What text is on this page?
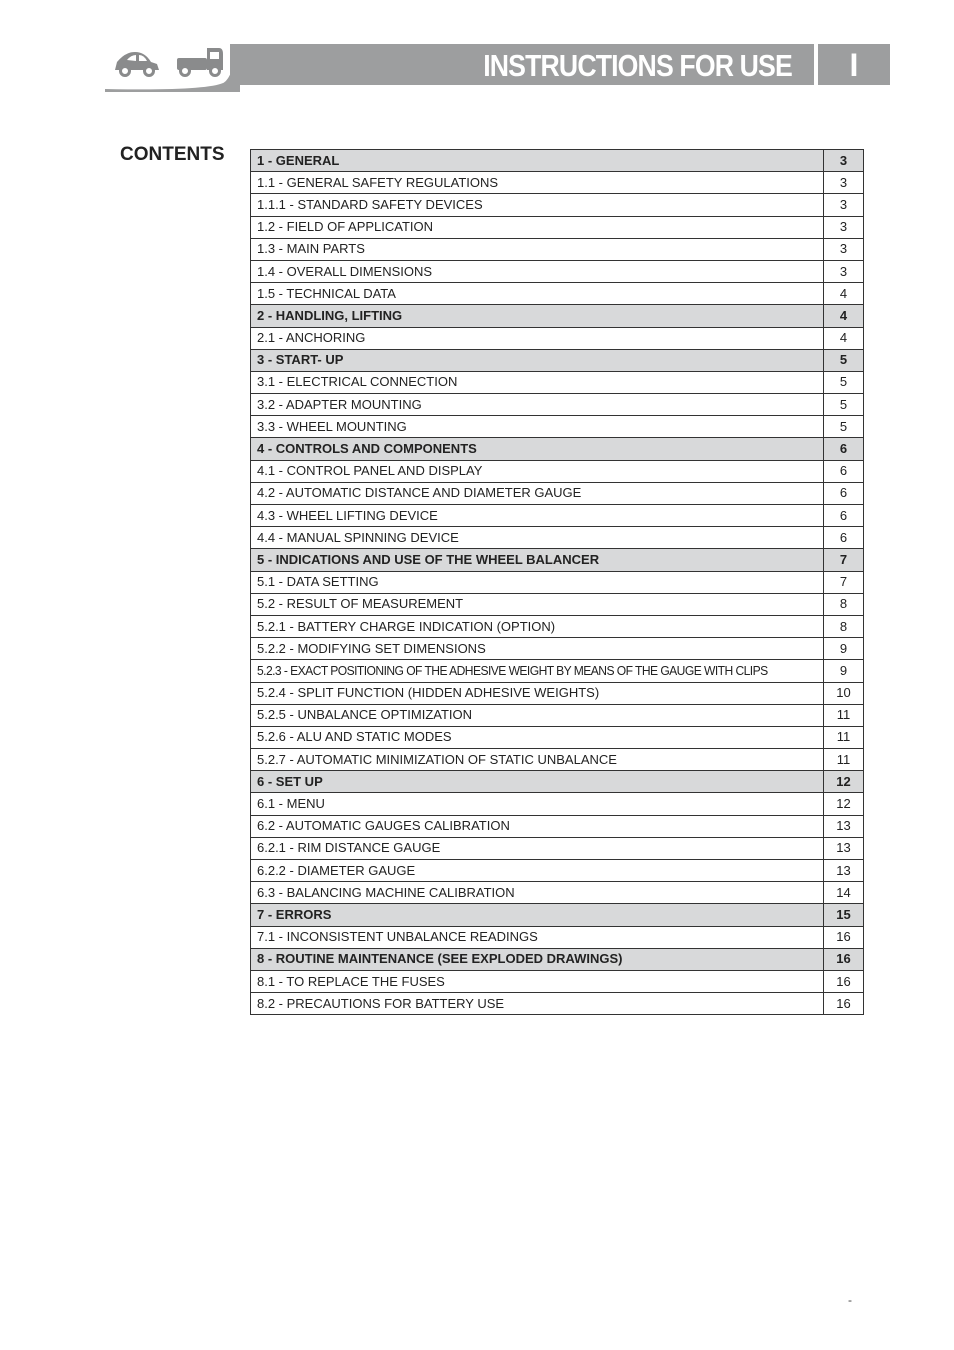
INSTRUCTIONS FOR USE	I
CONTENTS	1 - GENERAL	3
1.1 - GENERAL SAFETY REGULATIONS	3
1.1.1 - STANDARD SAFETY DEVICES	3
1.2 - FIELD OF APPLICATION	3
1.3 - MAIN PARTS	3
1.4 - OVERALL DIMENSIONS	3
1.5 - TECHNICAL DATA	4
2 - HANDLING, LIFTING	4
2.1 - ANCHORING	4
3 - START- UP	5
3.1 - ELECTRICAL CONNECTION	5
3.2 - ADAPTER MOUNTING	5
3.3 - WHEEL MOUNTING	5
4 - CONTROLS AND COMPONENTS	6
4.1 - CONTROL PANEL AND DISPLAY	6
4.2 - AUTOMATIC DISTANCE AND DIAMETER GAUGE	6
4.3 - WHEEL LIFTING DEVICE	6
4.4 - MANUAL SPINNING DEVICE	6
5 - INDICATIONS AND USE OF THE WHEEL BALANCER	7
5.1 - DATA SETTING	7
5.2 - RESULT OF MEASUREMENT	8
5.2.1 - BATTERY CHARGE INDICATION (OPTION)	8
5.2.2 - MODIFYING SET DIMENSIONS	9
5.2.3 - EXACT POSITIONING OF THE ADHESIVE WEIGHT BY MEANS OF THE GAUGE WITH CLIPS	9
5.2.4 - SPLIT FUNCTION (HIDDEN ADHESIVE WEIGHTS)	10
5.2.5 - UNBALANCE OPTIMIZATION	11
5.2.6 - ALU AND STATIC MODES	11
5.2.7 - AUTOMATIC MINIMIZATION OF STATIC UNBALANCE	11
6 - SET UP	12
6.1 - MENU	12
6.2 - AUTOMATIC GAUGES CALIBRATION	13
6.2.1 - RIM DISTANCE GAUGE	13
6.2.2 - DIAMETER GAUGE	13
6.3 - BALANCING MACHINE CALIBRATION	14
7 - ERRORS	15
7.1 - INCONSISTENT UNBALANCE READINGS	16
8 - ROUTINE MAINTENANCE (SEE EXPLODED DRAWINGS)	16
8.1 - TO REPLACE THE FUSES	16
8.2 - PRECAUTIONS FOR BATTERY USE	16
-
